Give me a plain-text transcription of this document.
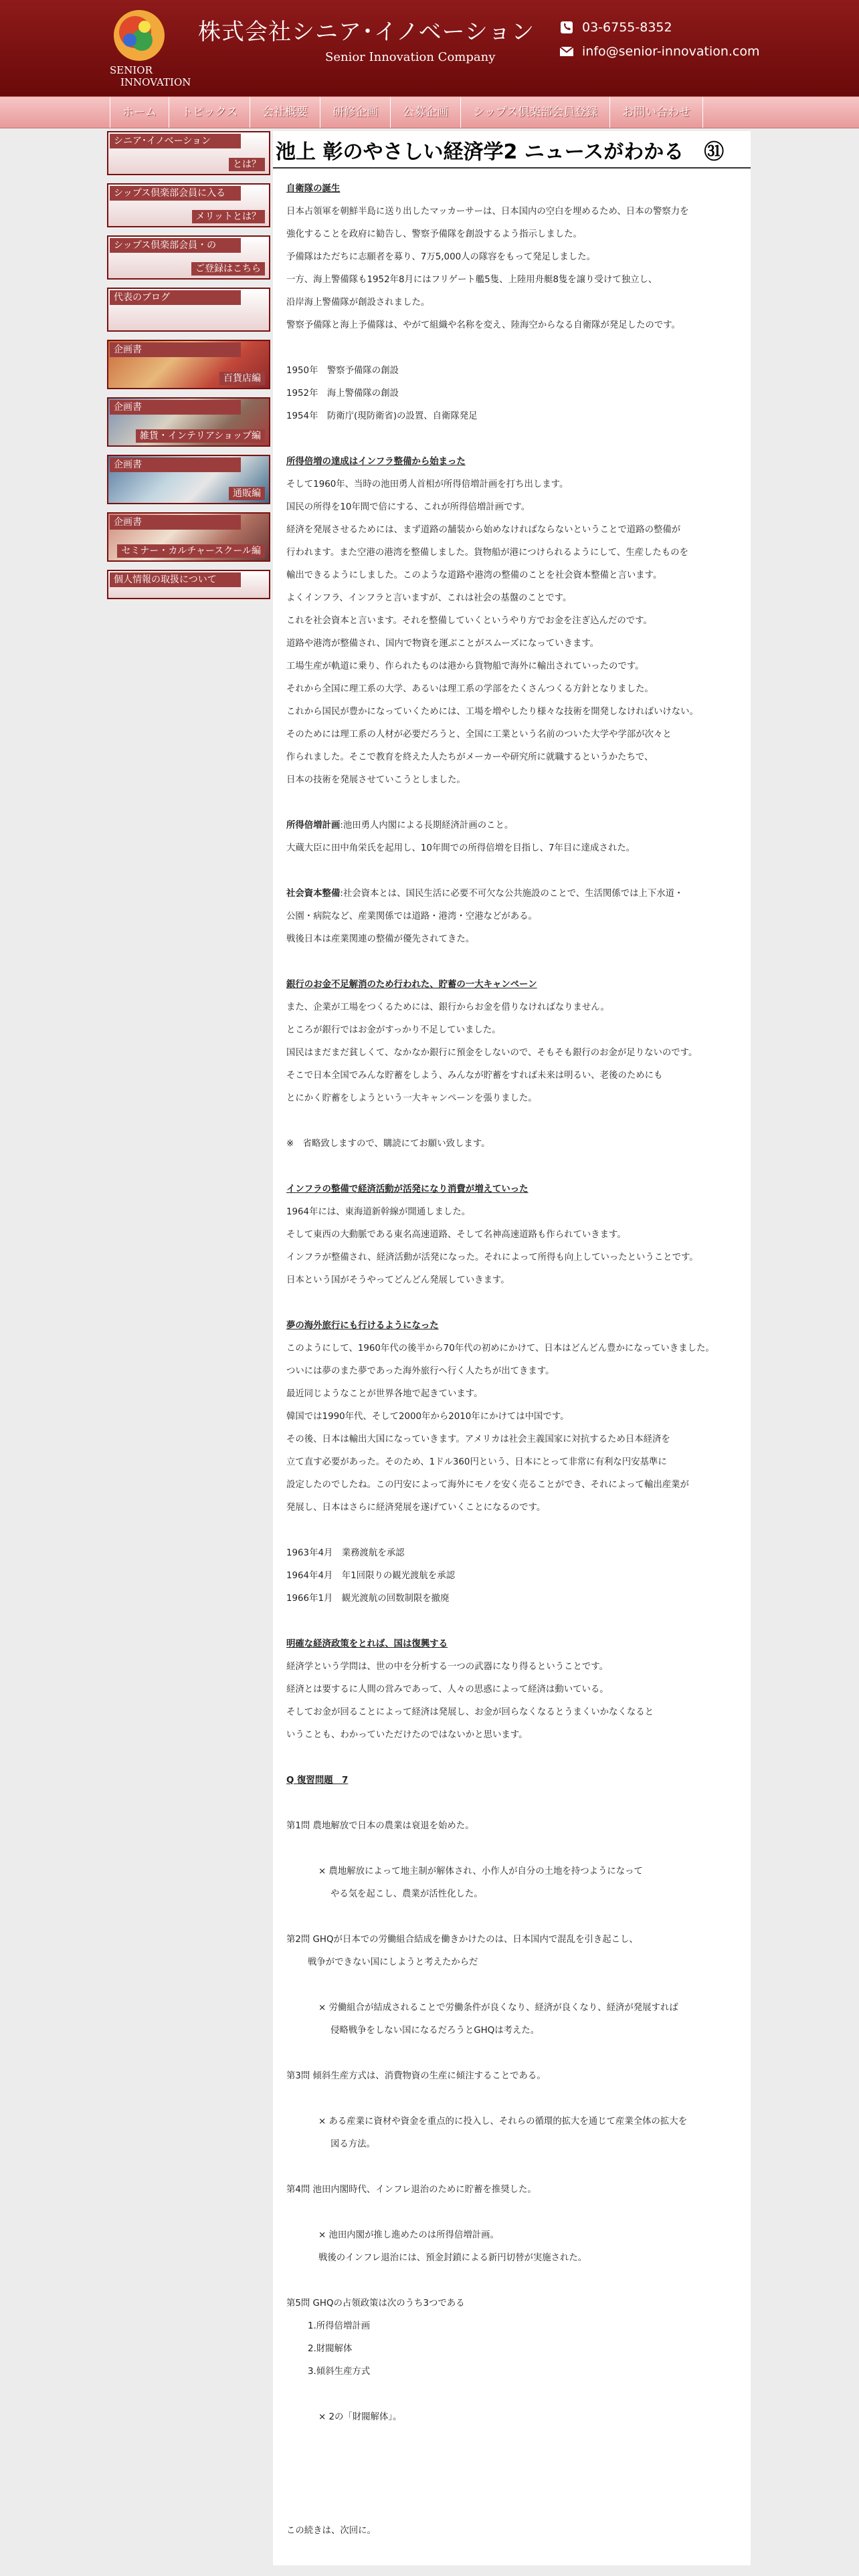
SENIOR
INNOVATION
株式会社シニア･イノベーション
Senior Innovation Company
03-6755-8352
info@senior-innovation.com
ホーム	トピックス	会社概要	研修企画	公募企画	シップス倶楽部会員登録	お問い合わせ
シニア･イノベーション
とは？
シップス倶楽部会員に入る
メリットとは？
シップス倶楽部会員・の
ご登録はこちら
代表のブログ
企画書
百貨店編
企画書
雑貨・インテリアショップ編
企画書
通販編
企画書
セミナー・カルチャースクール編
個人情報の取扱について
池上 彰のやさしい経済学2 ニュースがわかる　㉛

自衛隊の誕生

日本占領軍を朝鮮半島に送り出したマッカーサーは、日本国内の空白を埋めるため、日本の警察力を

強化することを政府に勧告し、警察予備隊を創設するよう指示しました。

予備隊はただちに志願者を募り、7万5,000人の隊容をもって発足しました。

一方、海上警備隊も1952年8月にはフリゲート艦5隻、上陸用舟艇8隻を譲り受けて独立し、

沿岸海上警備隊が創設されました。

警察予備隊と海上予備隊は、やがて組織や名称を変え、陸海空からなる自衛隊が発足したのです。

1950年　警察予備隊の創設

1952年　海上警備隊の創設

1954年　防衛庁(現防衛省)の設置、自衛隊発足

所得倍増の達成はインフラ整備から始まった

そして1960年、当時の池田勇人首相が所得倍増計画を打ち出します。

国民の所得を10年間で倍にする、これが所得倍増計画です。

経済を発展させるためには、まず道路の舗装から始めなければならないということで道路の整備が

行われます。また空港の港湾を整備しました。貨物船が港につけられるようにして、生産したものを

輸出できるようにしました。このような道路や港湾の整備のことを社会資本整備と言います。

よくインフラ、インフラと言いますが、これは社会の基盤のことです。

これを社会資本と言います。それを整備していくというやり方でお金を注ぎ込んだのです。

道路や港湾が整備され、国内で物資を運ぶことがスムーズになっていきます。

工場生産が軌道に乗り、作られたものは港から貨物船で海外に輸出されていったのです。

それから全国に理工系の大学、あるいは理工系の学部をたくさんつくる方針となりました。

これから国民が豊かになっていくためには、工場を増やしたり様々な技術を開発しなければいけない。

そのためには理工系の人材が必要だろうと、全国に工業という名前のついた大学や学部が次々と

作られました。そこで教育を終えた人たちがメーカーや研究所に就職するというかたちで、

日本の技術を発展させていこうとしました。

所得倍増計画:池田勇人内閣による長期経済計画のこと。

大蔵大臣に田中角栄氏を起用し、10年間での所得倍増を目指し、7年目に達成された。

社会資本整備:社会資本とは、国民生活に必要不可欠な公共施設のことで、生活関係では上下水道・

公園・病院など、産業関係では道路・港湾・空港などがある。

戦後日本は産業関連の整備が優先されてきた。

銀行のお金不足解消のため行われた、貯蓄の一大キャンペーン

また、企業が工場をつくるためには、銀行からお金を借りなければなりません。

ところが銀行ではお金がすっかり不足していました。

国民はまだまだ貧しくて、なかなか銀行に預金をしないので、そもそも銀行のお金が足りないのです。

そこで日本全国でみんな貯蓄をしよう、みんなが貯蓄をすれば未来は明るい、老後のためにも

とにかく貯蓄をしようという一大キャンペーンを張りました。

※　省略致しますので、購読にてお願い致します。

インフラの整備で経済活動が活発になり消費が増えていった

1964年には、東海道新幹線が開通しました。

そして東西の大動脈である東名高速道路、そして名神高速道路も作られていきます。

インフラが整備され、経済活動が活発になった。それによって所得も向上していったということです。

日本という国がそうやってどんどん発展していきます。

夢の海外旅行にも行けるようになった

このようにして、1960年代の後半から70年代の初めにかけて、日本はどんどん豊かになっていきました。

ついには夢のまた夢であった海外旅行へ行く人たちが出てきます。

最近同じようなことが世界各地で起きています。

韓国では1990年代、そして2000年から2010年にかけては中国です。

その後、日本は輸出大国になっていきます。アメリカは社会主義国家に対抗するため日本経済を

立て直す必要があった。そのため、1ドル360円という、日本にとって非常に有利な円安基準に

設定したのでしたね。この円安によって海外にモノを安く売ることができ、それによって輸出産業が

発展し、日本はさらに経済発展を遂げていくことになるのです。

1963年4月　業務渡航を承認

1964年4月　年1回限りの観光渡航を承認

1966年1月　観光渡航の回数制限を撤廃

明確な経済政策をとれば、国は復興する

経済学という学問は、世の中を分析する一つの武器になり得るということです。

経済とは要するに人間の営みであって、人々の思惑によって経済は動いている。

そしてお金が回ることによって経済は発展し、お金が回らなくなるとうまくいかなくなると

いうことも、わかっていただけたのではないかと思います。

Q 復習問題　7

第1問 農地解放で日本の農業は衰退を始めた。

× 農地解放によって地主制が解体され、小作人が自分の土地を持つようになって

やる気を起こし、農業が活性化した。

第2問 GHQが日本での労働組合結成を働きかけたのは、日本国内で混乱を引き起こし、

戦争ができない国にしようと考えたからだ

× 労働組合が結成されることで労働条件が良くなり、経済が良くなり、経済が発展すれば

侵略戦争をしない国になるだろうとGHQは考えた。

第3問 傾斜生産方式は、消費物資の生産に傾注することである。

× ある産業に資材や資金を重点的に投入し、それらの循環的拡大を通じて産業全体の拡大を

図る方法。

第4問 池田内閣時代、インフレ退治のために貯蓄を推奨した。

× 池田内閣が推し進めたのは所得倍増計画。

戦後のインフレ退治には、預金封鎖による新円切替が実施された。

第5問 GHQの占領政策は次のうち3つである

1.所得倍増計画

2.財閥解体

3.傾斜生産方式

× 2の「財閥解体」。

この続きは、次回に。
